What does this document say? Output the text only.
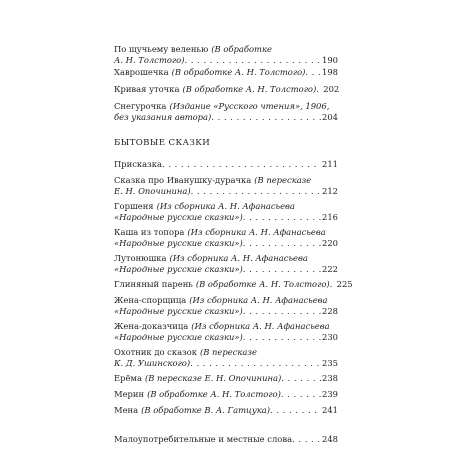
По щучьему веленью (В обработке
А. Н. Толстого) . . .	190
Хаврошечка (В обработке А. Н. Толстого) . . . 198
Кривая уточка (В обработке А. Н. Толстого) . . . 202
Снегурочка (Издание «Русского чтения», 1906,
без указания автора) . . .	204
БЫТОВЫЕ СКАЗКИ
Присказка . . .	211
Сказка про Иванушку-дурачка (В пересказе
Е. Н. Опочинина) . . .	212
Горшеня (Из сборника А. Н. Афанасьева
«Народные русские сказки») . . .	216
Каша из топора (Из сборника А. Н. Афанасьева
«Народные русские сказки») . . .	220
Лутонюшка (Из сборника А. Н. Афанасьева
«Народные русские сказки») . . .	222
Глиняный парень (В обработке А. Н. Толстого) . . . 225
Жена-спорщица (Из сборника А. Н. Афанасьева
«Народные русские сказки») . . .	228
Жена-доказчица (Из сборника А. Н. Афанасьева
«Народные русские сказки») . . .	230
Охотник до сказок (В пересказе
К. Д. Ушинского) . . .	235
Ерёма (В пересказе Е. Н. Опочинина) . . .	238
Мерин (В обработке А. Н. Толстого) . . .	239
Мена (В обработке В. А. Гатцука) . . .	241
Малоупотребительные и местные слова . . .	248
